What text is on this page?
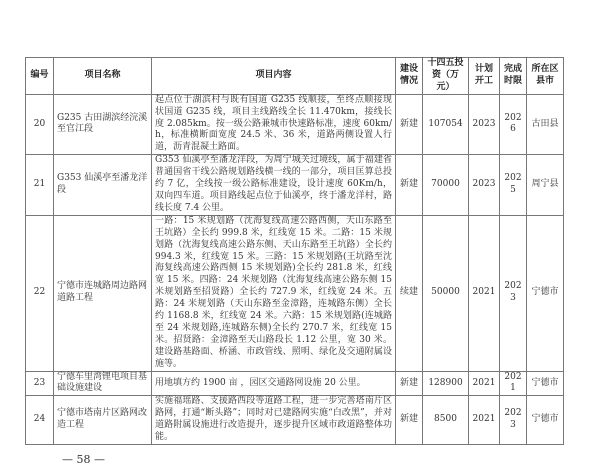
编号	项目名称	项目内容	建设情况	十四五投资（万元）	计划开工	完成时限	所在区县市
20	G235 古田湖滨经浣溪至官江段	起点位于湖滨村与既有国道 G235 线顺接，至终点顺接现状国道 G235 线，项目主线路线全长 11.470km，接线长度 2.085km。按一级公路兼城市快速路标准，速度 60km/h，标准横断面宽度 24.5 米、36 米，道路两侧设置人行道，沥青混凝土路面。	新建	107054	2023	2026	古田县
21	G353 仙溪亭至潘龙洋段	G353 仙溪亭至潘龙洋段，为周宁城关过境线，属于福建省普通国省干线公路规划路线横一线的一部分，项目匡算总投约 7 亿，全线按一级公路标准建设，设计速度 60Km/h，双向四车道。项目路线起点位于仙溪亭，终于潘龙洋村，路线长度 7.4 公里。	新建	70000	2023	2025	周宁县
22	宁德市连城路周边路网道路工程	一路：15 米规划路（沈海复线高速公路西侧，天山东路至王坑路）全长约 999.8 米，红线宽 15 米。二路：15 米规划路（沈海复线高速公路东侧、天山东路至王坑路）全长约 994.3 米，红线宽 15 米。三路：15 米规划路(王坑路至沈海复线高速公路西侧 15 米规划路)全长约 281.8 米，红线宽 15 米。四路：24 米规划路（沈海复线高速公路东侧 15 米规划路至招贤路）全长约 727.9 米，红线宽 24 米。五路：24 米规划路（天山东路至金漳路，连城路东侧）全长约 1168.8 米，红线宽 24 米。六路：15 米规划路(连城路至 24 米规划路,连城路东侧)全长约 270.7 米，红线宽 15 米。招贤路：金漳路至天山路段长 1.12 公里，宽 30 米。建设路基路面、桥涵、市政管线、照明、绿化及交通附属设施等。	续建	50000	2021	2023	宁德市
23	宁德车里湾锂电项目基础设施建设	用地填方约 1900 亩 ，园区交通路网设施 20 公里。	新建	128900	2021	2021	宁德市
24	宁德市塔南片区路网改造工程	实施福瑶路、支援路西段等道路工程，进一步完善塔南片区路网，打通“断头路”；同时对已建路网实施“白改黑”，并对道路附属设施进行改造提升，逐步提升区域市政道路整体功能。	新建	8500	2021	2023	宁德市
— 58 —
